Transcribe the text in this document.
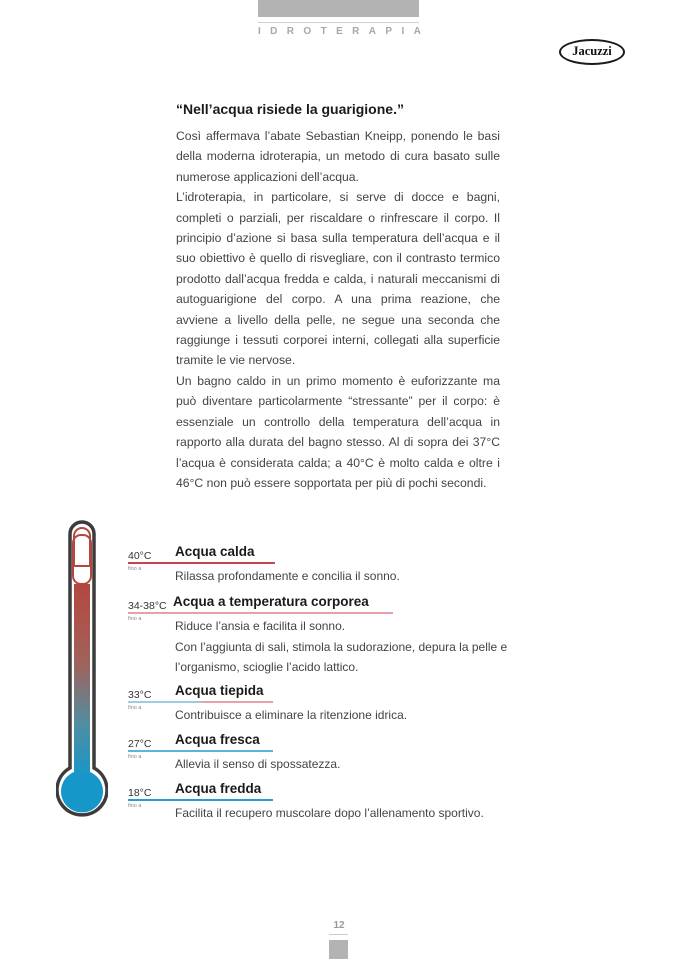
IDROTERAPIA
Jacuzzi

“Nell’acqua risiede la guarigione.”

Così affermava l’abate Sebastian Kneipp, ponendo le basi della moderna idroterapia, un metodo di cura basato sulle numerose applicazioni dell’acqua.

L’idroterapia, in particolare, si serve di docce e bagni, completi o parziali, per riscaldare o rinfrescare il corpo. Il principio d’azione si basa sulla temperatura dell’acqua e il suo obiettivo è quello di risvegliare, con il contrasto termico prodotto dall’acqua fredda e calda, i naturali meccanismi di autoguarigione del corpo. A una prima reazione, che avviene a livello della pelle, ne segue una seconda che raggiunge i tessuti corporei interni, collegati alla superficie tramite le vie nervose.

Un bagno caldo in un primo momento è euforizzante ma può diventare particolarmente “stressante” per il corpo: è essenziale un controllo della temperatura dell’acqua in rapporto alla durata del bagno stesso. Al di sopra dei 37°C l’acqua è considerata calda; a 40°C è molto calda e oltre i 46°C non può essere sopportata per più di pochi secondi.

40°C
fino a
Acqua calda
Rilassa profondamente e concilia il sonno.
34-38°C
fino a
Acqua a temperatura corporea
Riduce l’ansia e facilita il sonno.
Con l’aggiunta di sali, stimola la sudorazione, depura la pelle e
l’organismo, scioglie l’acido lattico.
33°C
fino a
Acqua tiepida
Contribuisce a eliminare la ritenzione idrica.
27°C
fino a
Acqua fresca
Allevia il senso di spossatezza.
18°C
fino a
Acqua fredda
Facilita il recupero muscolare dopo l’allenamento sportivo.
12
